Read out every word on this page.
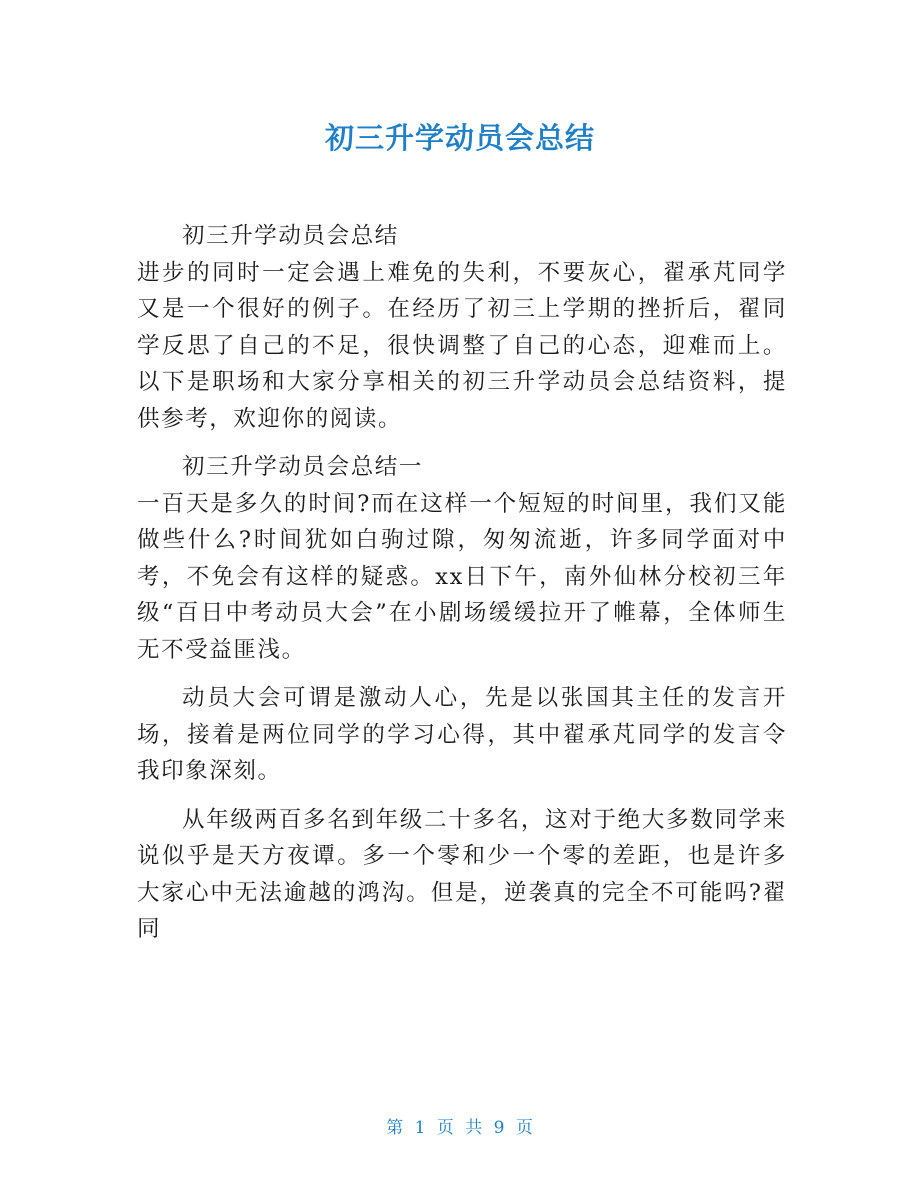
初三升学动员会总结

初三升学动员会总结

进步的同时一定会遇上难免的失利，不要灰心，翟承芃同学又是一个很好的例子。在经历了初三上学期的挫折后，翟同学反思了自己的不足，很快调整了自己的心态，迎难而上。以下是职场和大家分享相关的初三升学动员会总结资料，提供参考，欢迎你的阅读。

初三升学动员会总结一

一百天是多久的时间?而在这样一个短短的时间里，我们又能做些什么?时间犹如白驹过隙，匆匆流逝，许多同学面对中考，不免会有这样的疑惑。xx日下午，南外仙林分校初三年级“百日中考动员大会”在小剧场缓缓拉开了帷幕，全体师生无不受益匪浅。

动员大会可谓是激动人心，先是以张国其主任的发言开场，接着是两位同学的学习心得，其中翟承芃同学的发言令我印象深刻。

从年级两百多名到年级二十多名，这对于绝大多数同学来说似乎是天方夜谭。多一个零和少一个零的差距，也是许多大家心中无法逾越的鸿沟。但是，逆袭真的完全不可能吗?翟同

第 1 页 共 9 页
